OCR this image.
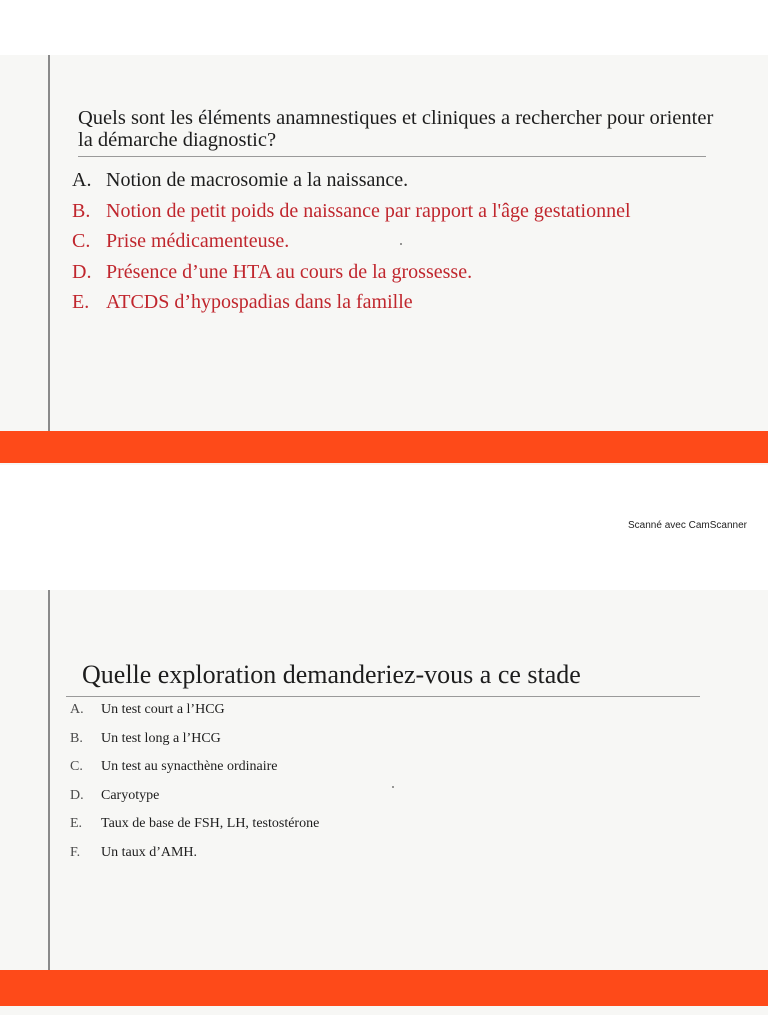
Quels sont les éléments anamnestiques et cliniques a rechercher pour orienter la démarche diagnostic?
A. Notion de macrosomie a la naissance.
B. Notion de petit poids de naissance par rapport a l'âge gestationnel
C. Prise médicamenteuse.
D. Présence d’une HTA au cours de la grossesse.
E. ATCDS d’hypospadias dans la famille
Scanné avec CamScanner
Quelle exploration demanderiez-vous a ce stade
A. Un test court a l’HCG
B. Un test long a l’HCG
C. Un test au synacthène ordinaire
D. Caryotype
E. Taux de base de FSH, LH, testostérone
F. Un taux d’AMH.
